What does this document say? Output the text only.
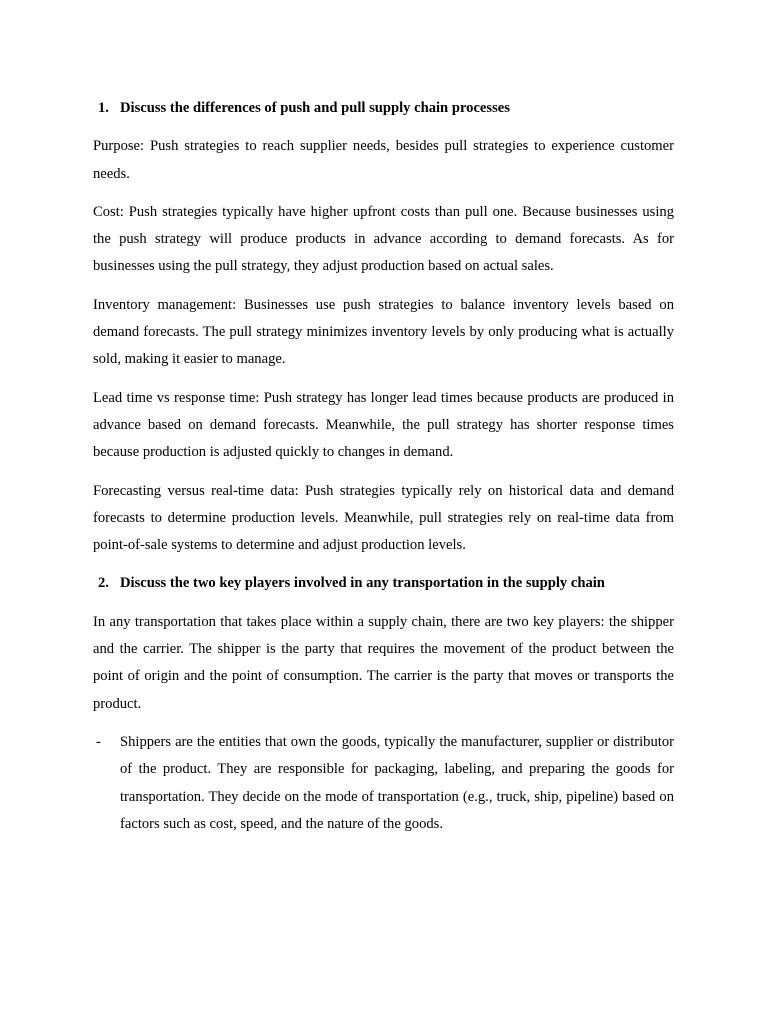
1. Discuss the differences of push and pull supply chain processes

Purpose: Push strategies to reach supplier needs, besides pull strategies to experience customer needs.

Cost: Push strategies typically have higher upfront costs than pull one. Because businesses using the push strategy will produce products in advance according to demand forecasts. As for businesses using the pull strategy, they adjust production based on actual sales.

Inventory management: Businesses use push strategies to balance inventory levels based on demand forecasts. The pull strategy minimizes inventory levels by only producing what is actually sold, making it easier to manage.

Lead time vs response time: Push strategy has longer lead times because products are produced in advance based on demand forecasts. Meanwhile, the pull strategy has shorter response times because production is adjusted quickly to changes in demand.

Forecasting versus real-time data: Push strategies typically rely on historical data and demand forecasts to determine production levels. Meanwhile, pull strategies rely on real-time data from point-of-sale systems to determine and adjust production levels.

2. Discuss the two key players involved in any transportation in the supply chain

In any transportation that takes place within a supply chain, there are two key players: the shipper and the carrier. The shipper is the party that requires the movement of the product between the point of origin and the point of consumption. The carrier is the party that moves or transports the product.

-	Shippers are the entities that own the goods, typically the manufacturer, supplier or distributor of the product. They are responsible for packaging, labeling, and preparing the goods for transportation. They decide on the mode of transportation (e.g., truck, ship, pipeline) based on factors such as cost, speed, and the nature of the goods.
